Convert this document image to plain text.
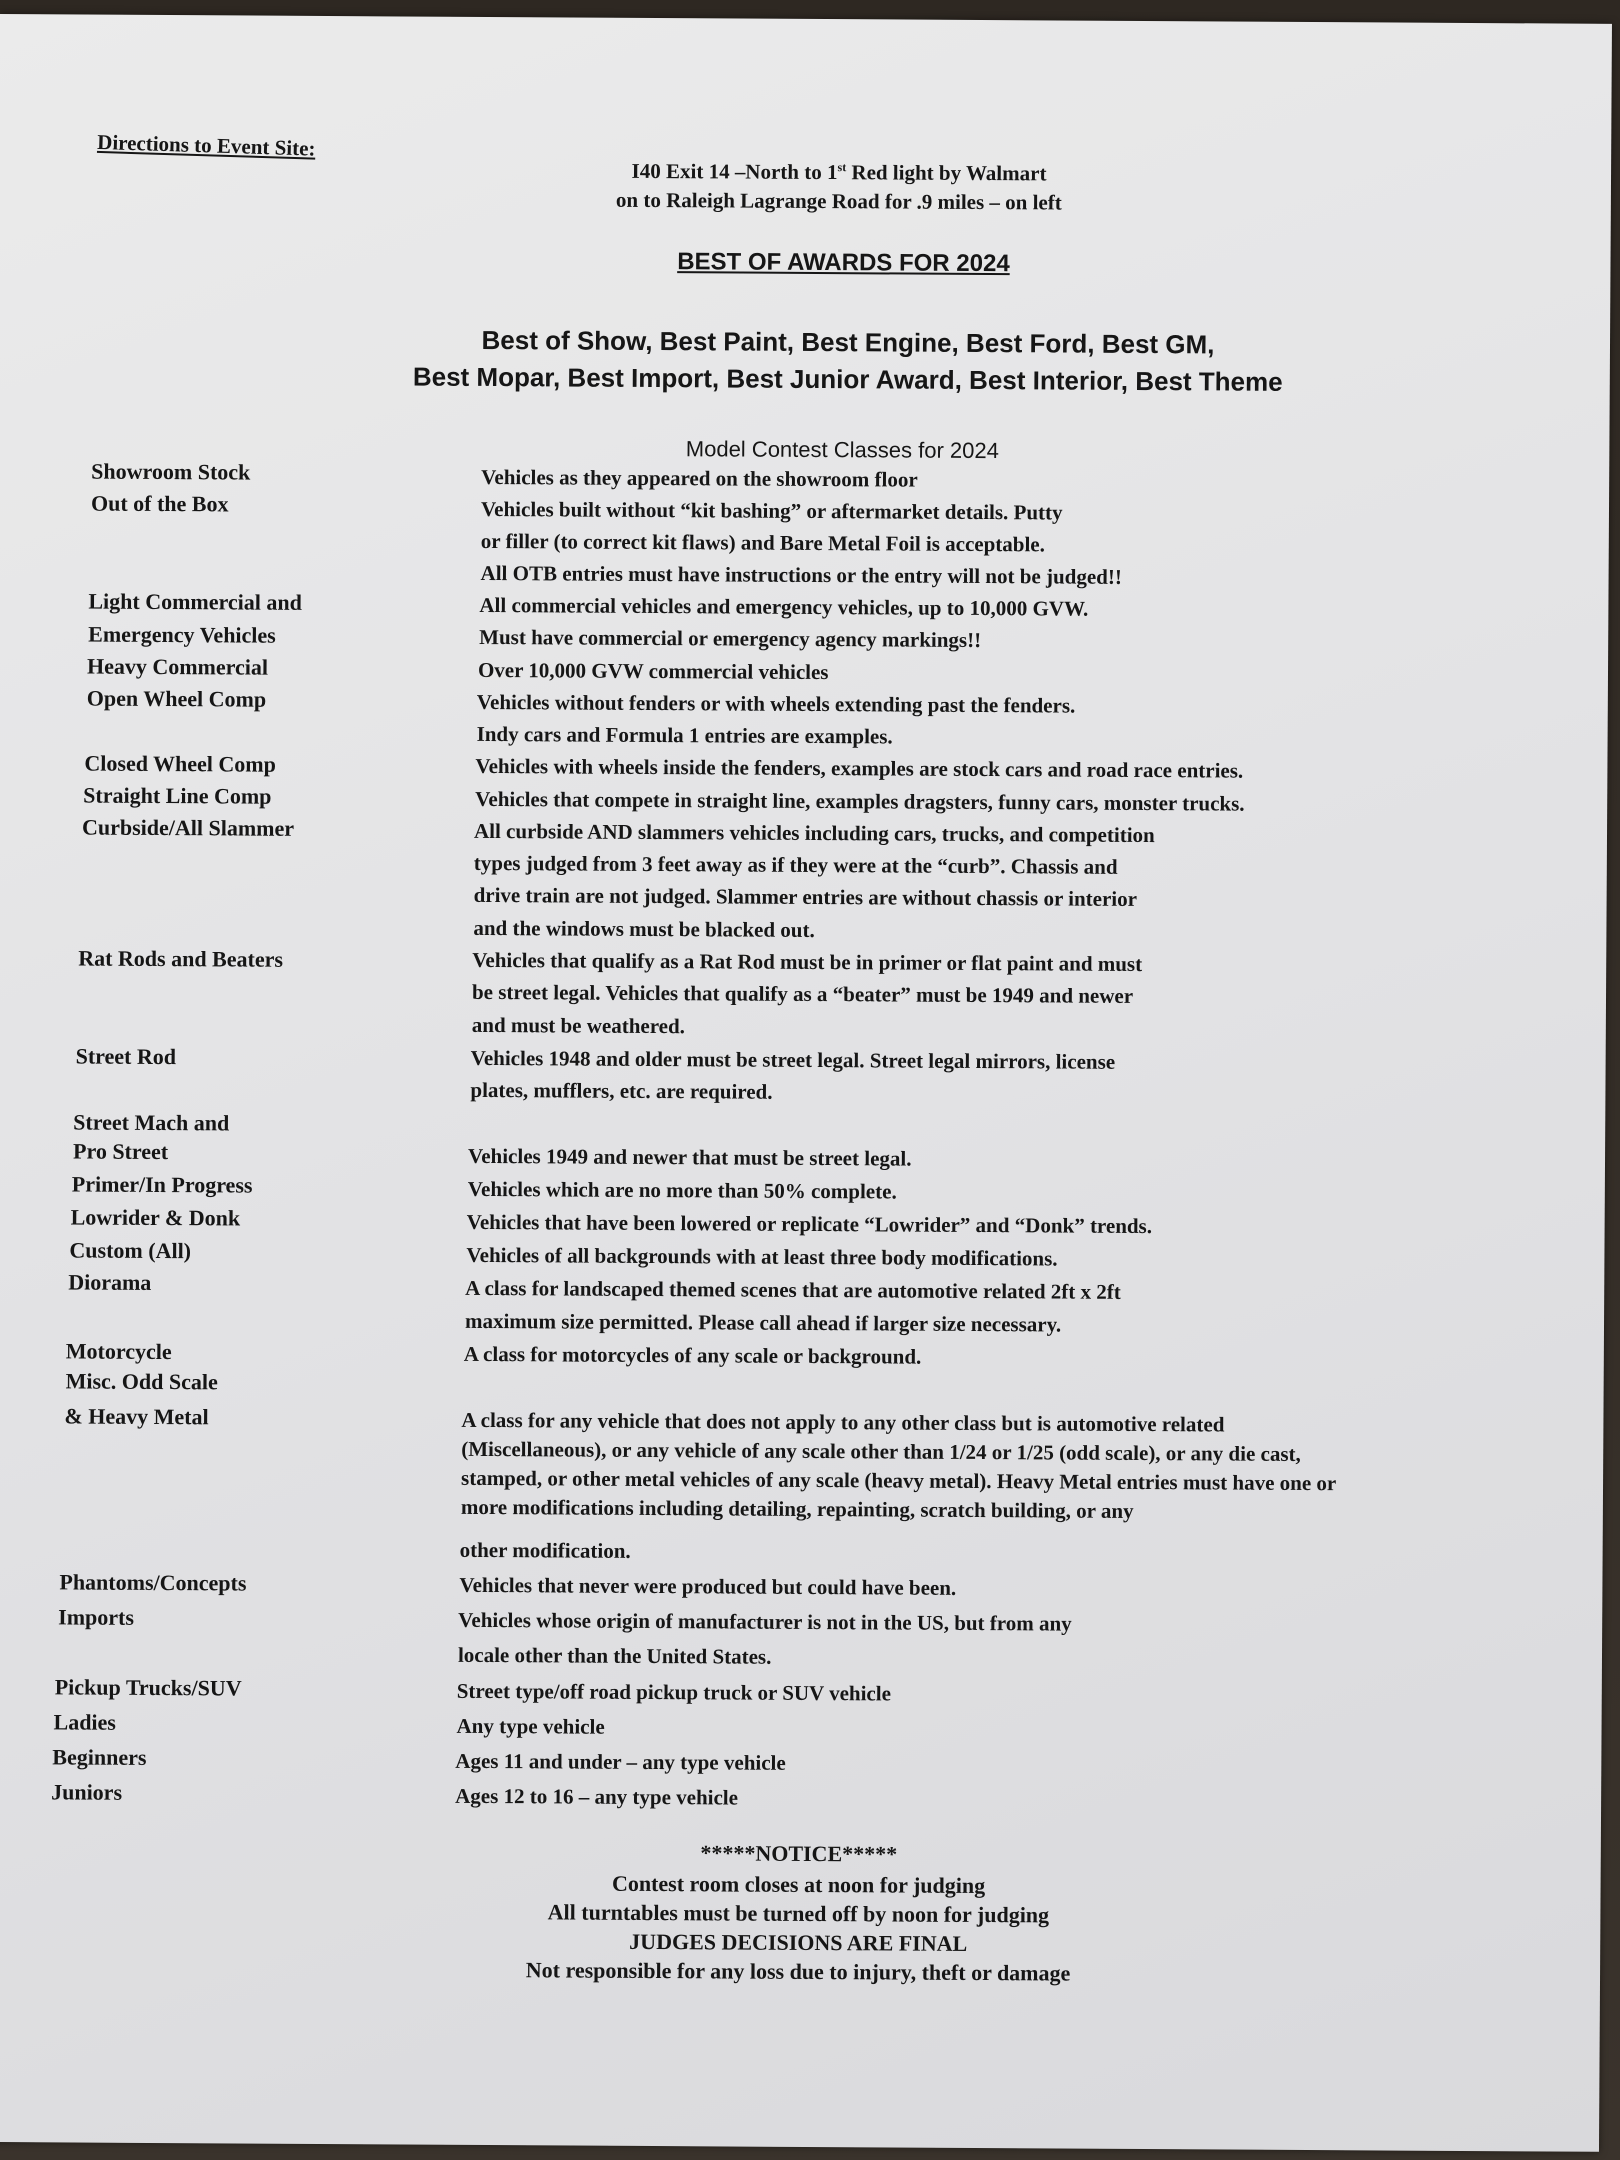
Directions to Event Site:
I40 Exit 14 –North to 1st Red light by Walmart
on to Raleigh Lagrange Road for .9 miles – on left
BEST OF AWARDS FOR 2024
Best of Show, Best Paint, Best Engine, Best Ford, Best GM,
Best Mopar, Best Import, Best Junior Award, Best Interior, Best Theme
Model Contest Classes for 2024
Showroom Stock
Out of the Box
Light Commercial and
Emergency Vehicles
Heavy Commercial
Open Wheel Comp
Closed Wheel Comp
Straight Line Comp
Curbside/All Slammer
Rat Rods and Beaters
Street Rod
Street Mach and
Pro Street
Primer/In Progress
Lowrider & Donk
Custom (All)
Diorama
Motorcycle
Misc. Odd Scale
& Heavy Metal
Phantoms/Concepts
Imports
Pickup Trucks/SUV
Ladies
Beginners
Juniors
Vehicles as they appeared on the showroom floor
Vehicles built without “kit bashing” or aftermarket details. Putty
or filler (to correct kit flaws) and Bare Metal Foil is acceptable.
All OTB entries must have instructions or the entry will not be judged!!
All commercial vehicles and emergency vehicles, up to 10,000 GVW.
Must have commercial or emergency agency markings!!
Over 10,000 GVW commercial vehicles
Vehicles without fenders or with wheels extending past the fenders.
Indy cars and Formula 1 entries are examples.
Vehicles with wheels inside the fenders, examples are stock cars and road race entries.
Vehicles that compete in straight line, examples dragsters, funny cars, monster trucks.
All curbside AND slammers vehicles including cars, trucks, and competition
types judged from 3 feet away as if they were at the “curb”. Chassis and
drive train are not judged. Slammer entries are without chassis or interior
and the windows must be blacked out.
Vehicles that qualify as a Rat Rod must be in primer or flat paint and must
be street legal. Vehicles that qualify as a “beater” must be 1949 and newer
and must be weathered.
Vehicles 1948 and older must be street legal. Street legal mirrors, license
plates, mufflers, etc. are required.
Vehicles 1949 and newer that must be street legal.
Vehicles which are no more than 50% complete.
Vehicles that have been lowered or replicate “Lowrider” and “Donk” trends.
Vehicles of all backgrounds with at least three body modifications.
A class for landscaped themed scenes that are automotive related 2ft x 2ft
maximum size permitted. Please call ahead if larger size necessary.
A class for motorcycles of any scale or background.
A class for any vehicle that does not apply to any other class but is automotive related
(Miscellaneous), or any vehicle of any scale other than 1/24 or 1/25 (odd scale), or any die cast,
stamped, or other metal vehicles of any scale (heavy metal). Heavy Metal entries must have one or
more modifications including detailing, repainting, scratch building, or any
other modification.
Vehicles that never were produced but could have been.
Vehicles whose origin of manufacturer is not in the US, but from any
locale other than the United States.
Street type/off road pickup truck or SUV vehicle
Any type vehicle
Ages 11 and under – any type vehicle
Ages 12 to 16 – any type vehicle
*****NOTICE*****
Contest room closes at noon for judging
All turntables must be turned off by noon for judging
JUDGES DECISIONS ARE FINAL
Not responsible for any loss due to injury, theft or damage
